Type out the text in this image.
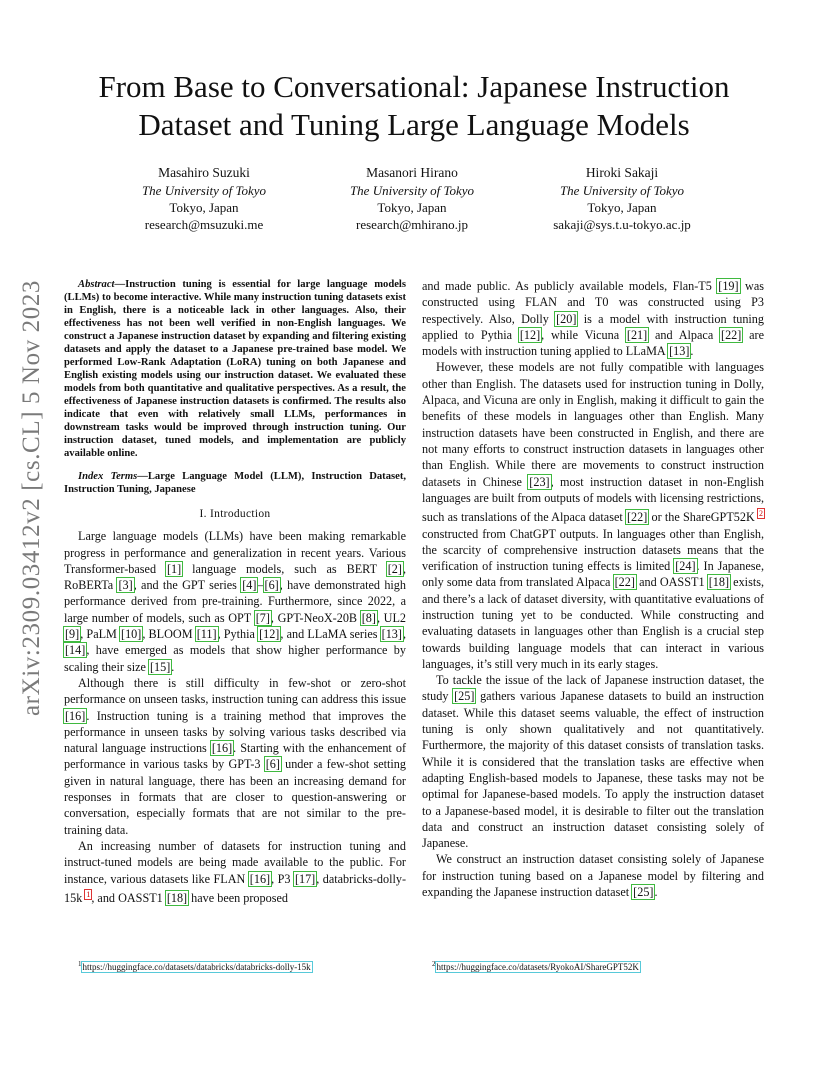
arXiv:2309.03412v2 [cs.CL] 5 Nov 2023
From Base to Conversational: Japanese Instruction
Dataset and Tuning Large Language Models
Masahiro Suzuki
The University of Tokyo
Tokyo, Japan
research@msuzuki.me
Masanori Hirano
The University of Tokyo
Tokyo, Japan
research@mhirano.jp
Hiroki Sakaji
The University of Tokyo
Tokyo, Japan
sakaji@sys.t.u-tokyo.ac.jp

Abstract—Instruction tuning is essential for large language models (LLMs) to become interactive. While many instruction tuning datasets exist in English, there is a noticeable lack in other languages. Also, their effectiveness has not been well verified in non-English languages. We construct a Japanese instruction dataset by expanding and filtering existing datasets and apply the dataset to a Japanese pre-trained base model. We performed Low-Rank Adaptation (LoRA) tuning on both Japanese and English existing models using our instruction dataset. We evaluated these models from both quantitative and qualitative perspectives. As a result, the effectiveness of Japanese instruction datasets is confirmed. The results also indicate that even with relatively small LLMs, performances in downstream tasks would be improved through instruction tuning. Our instruction dataset, tuned models, and implementation are publicly available online.

Index Terms—Large Language Model (LLM), Instruction Dataset, Instruction Tuning, Japanese

I. Introduction

Large language models (LLMs) have been making remarkable progress in performance and generalization in recent years. Various Transformer-based [1] language models, such as BERT [2], RoBERTa [3], and the GPT series [4]–[6], have demonstrated high performance derived from pre-training. Furthermore, since 2022, a large number of models, such as OPT [7], GPT-NeoX-20B [8], UL2 [9], PaLM [10], BLOOM [11], Pythia [12], and LLaMA series [13], [14], have emerged as models that show higher performance by scaling their size [15].

Although there is still difficulty in few-shot or zero-shot performance on unseen tasks, instruction tuning can address this issue [16]. Instruction tuning is a training method that improves the performance in unseen tasks by solving various tasks described via natural language instructions [16]. Starting with the enhancement of performance in various tasks by GPT-3 [6] under a few-shot setting given in natural language, there has been an increasing demand for responses in formats that are closer to question-answering or conversation, especially formats that are not similar to the pre-training data.

An increasing number of datasets for instruction tuning and instruct-tuned models are being made available to the public. For instance, various datasets like FLAN [16], P3 [17], databricks-dolly-15k $^1$, and OASST1 [18] have been proposed

and made public. As publicly available models, Flan-T5 [19] was constructed using FLAN and T0 was constructed using P3 respectively. Also, Dolly [20] is a model with instruction tuning applied to Pythia [12], while Vicuna [21] and Alpaca [22] are models with instruction tuning applied to LLaMA [13].

However, these models are not fully compatible with languages other than English. The datasets used for instruction tuning in Dolly, Alpaca, and Vicuna are only in English, making it difficult to gain the benefits of these models in languages other than English. Many instruction datasets have been constructed in English, and there are not many efforts to construct instruction datasets in languages other than English. While there are movements to construct instruction datasets in Chinese [23], most instruction dataset in non-English languages are built from outputs of models with licensing restrictions, such as translations of the Alpaca dataset [22] or the ShareGPT52K $^2$ constructed from ChatGPT outputs. In languages other than English, the scarcity of comprehensive instruction datasets means that the verification of instruction tuning effects is limited [24]. In Japanese, only some data from translated Alpaca [22] and OASST1 [18] exists, and there’s a lack of dataset diversity, with quantitative evaluations of instruction tuning yet to be conducted. While constructing and evaluating datasets in languages other than English is a crucial step towards building language models that can interact in various languages, it’s still very much in its early stages.

To tackle the issue of the lack of Japanese instruction dataset, the study [25] gathers various Japanese datasets to build an instruction dataset. While this dataset seems valuable, the effect of instruction tuning is only shown qualitatively and not quantitatively. Furthermore, the majority of this dataset consists of translation tasks. While it is considered that the translation tasks are effective when adapting English-based models to Japanese, these tasks may not be optimal for Japanese-based models. To apply the instruction dataset to a Japanese-based model, it is desirable to filter out the translation data and construct an instruction dataset consisting solely of Japanese.

We construct an instruction dataset consisting solely of Japanese for instruction tuning based on a Japanese model by filtering and expanding the Japanese instruction dataset [25].

$^1$https://huggingface.co/datasets/databricks/databricks-dolly-15k	$^2$https://huggingface.co/datasets/RyokoAI/ShareGPT52K
